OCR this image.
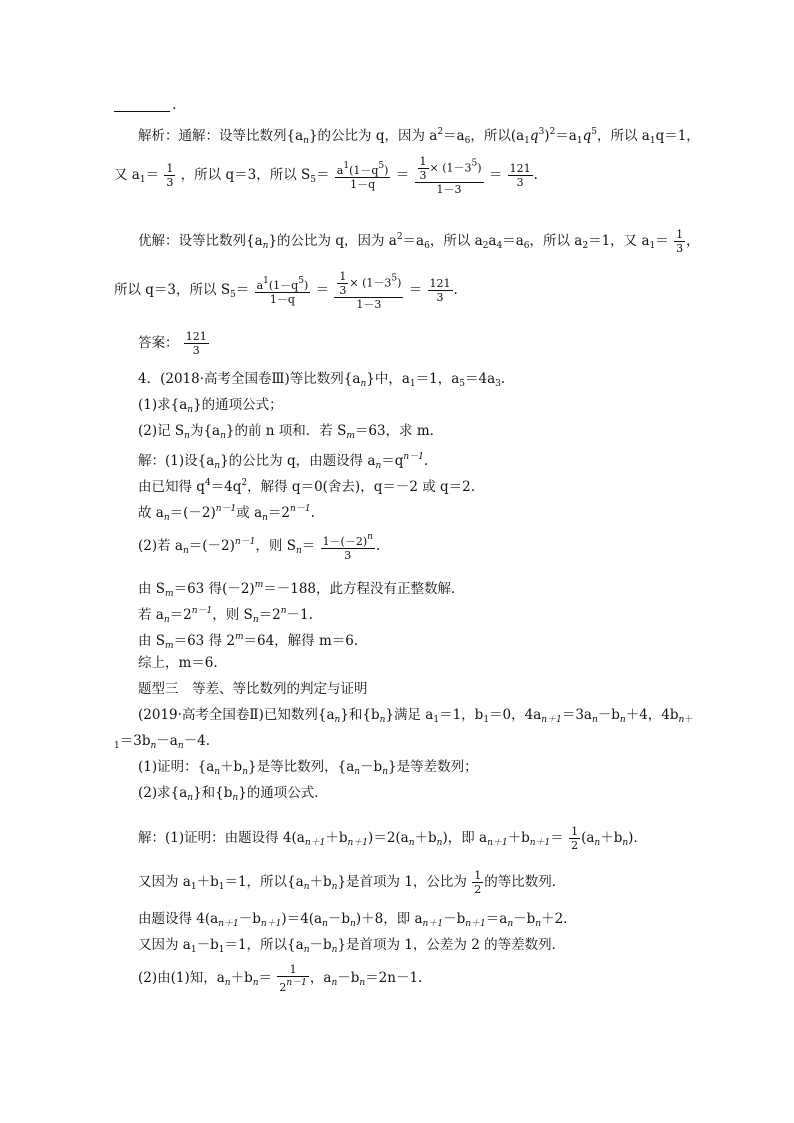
.
解析：通解：设等比数列$\{a_n\}$的公比为 q，因为 $a^2=a_6$，所以$(a_1q^3)^2=a_1q^5$，所以 $a_1q=1$，
又 $a_1= \frac{1}{3}$ ，所以 q＝3，所以 $S_5= \frac{a^1(1-q^5)}{1-q} = \frac{\frac{1}{3} \times (1-3^5)}{1-3} = \frac{121}{3}$ .
优解：设等比数列$\{a_n\}$的公比为 q，因为 $a^2=a_6$，所以 $a_2a_4=a_6$，所以 $a_2=1$，又 $a_1= \frac{1}{3}$ ，
所以 q＝3，所以 $S_5= \frac{a^1(1-q^5)}{1-q} = \frac{\frac{1}{3} \times (1-3^5)}{1-3} = \frac{121}{3}$ .
答案： $\frac{121}{3}$
4．(2018·高考全国卷Ⅲ)等比数列$\{a_n\}$中，$a_1=1$，$a_5=4a_3$.
(1)求$\{a_n\}$的通项公式；
(2)记 $S_n$为$\{a_n\}$的前 n 项和．若 $S_m=63$，求 m.
解：(1)设$\{a_n\}$的公比为 q，由题设得 $a_n=q^{n-1}$.
由已知得 $q^4=4q^2$，解得 q＝0(舍去)，q＝－2 或 q＝2.
故 $a_n=(-2)^{n-1}$或 $a_n=2^{n-1}$.
(2)若 $a_n=(-2)^{n-1}$，则 $S_n= \frac{1-(-2)^n}{3}$ .
由 $S_m=63$ 得$(-2)^m=-188$，此方程没有正整数解．
若 $a_n=2^{n-1}$，则 $S_n=2^n-1$.
由 $S_m=63$ 得 $2^m=64$，解得 m＝6.
综上，m＝6.
题型三　等差、等比数列的判定与证明
(2019·高考全国卷Ⅱ)已知数列$\{a_n\}$和$\{b_n\}$满足 $a_1=1$，$b_1=0$，$4a_{n+1}=3a_n-b_n+4$，$4b_{n+}$
$_1=3b_n-a_n-4$.
(1)证明：$\{a_n+b_n\}$是等比数列，$\{a_n-b_n\}$是等差数列；
(2)求$\{a_n\}$和$\{b_n\}$的通项公式．
解：(1)证明：由题设得 $4(a_{n+1}+b_{n+1})=2(a_n+b_n)$，即 $a_{n+1}+b_{n+1}= \frac{1}{2} (a_n+b_n)$．
又因为 $a_1+b_1=1$，所以$\{a_n+b_n\}$是首项为 1，公比为 $\frac{1}{2}$ 的等比数列．
由题设得 $4(a_{n+1}-b_{n+1})=4(a_n-b_n)+8$，即 $a_{n+1}-b_{n+1}=a_n-b_n+2$.
又因为 $a_1-b_1=1$，所以$\{a_n-b_n\}$是首项为 1，公差为 2 的等差数列．
(2)由(1)知，$a_n+b_n= \frac{1}{2^{n-1}}$ ，$a_n-b_n=2n-1$.
